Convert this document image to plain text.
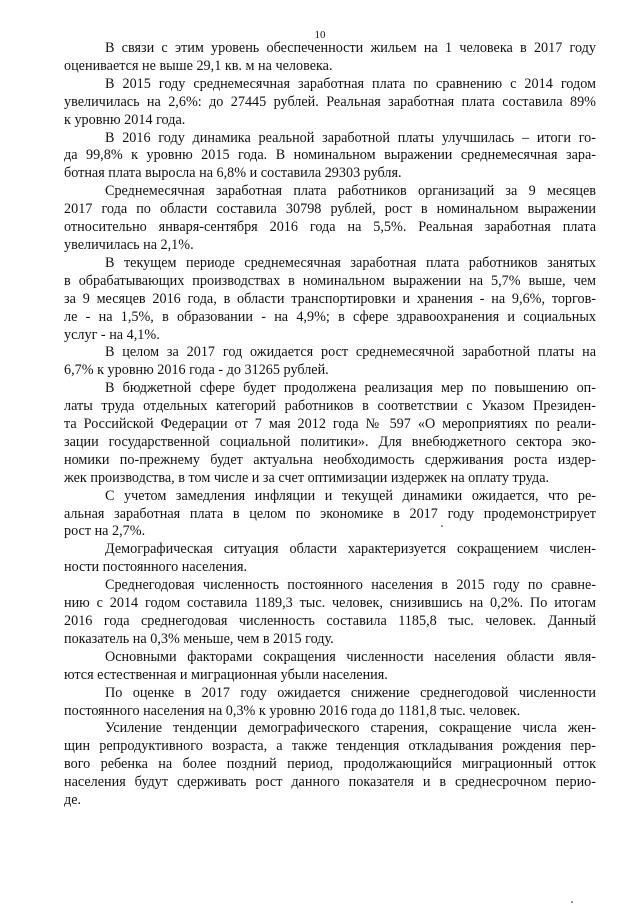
10

В связи с этим уровень обеспеченности жильем на 1 человека в 2017 году
оценивается не выше 29,1 кв. м на человека.

В 2015 году среднемесячная заработная плата по сравнению с 2014 годом
увеличилась на 2,6%: до 27445 рублей. Реальная заработная плата составила 89%
к уровню 2014 года.

В 2016 году динамика реальной заработной платы улучшилась – итоги го-
да 99,8% к уровню 2015 года. В номинальном выражении среднемесячная зара-
ботная плата выросла на 6,8% и составила 29303 рубля.

Среднемесячная заработная плата работников организаций за 9 месяцев
2017 года по области составила 30798 рублей, рост в номинальном выражении
относительно января-сентября 2016 года на 5,5%. Реальная заработная плата
увеличилась на 2,1%.

В текущем периоде среднемесячная заработная плата работников занятых
в обрабатывающих производствах в номинальном выражении на 5,7% выше, чем
за 9 месяцев 2016 года, в области транспортировки и хранения - на 9,6%, торгов-
ле - на 1,5%, в образовании - на 4,9%; в сфере здравоохранения и социальных
услуг - на 4,1%.

В целом за 2017 год ожидается рост среднемесячной заработной платы на
6,7% к уровню 2016 года - до 31265 рублей.

В бюджетной сфере будет продолжена реализация мер по повышению оп-
латы труда отдельных категорий работников в соответствии с Указом Президен-
та Российской Федерации от 7 мая 2012 года № 597 «О мероприятиях по реали-
зации государственной социальной политики». Для внебюджетного сектора эко-
номики по-прежнему будет актуальна необходимость сдерживания роста издер-
жек производства, в том числе и за счет оптимизации издержек на оплату труда.

С учетом замедления инфляции и текущей динамики ожидается, что ре-
альная заработная плата в целом по экономике в 2017 году продемонстрирует
рост на 2,7%.

Демографическая ситуация области характеризуется сокращением числен-
ности постоянного населения.

Среднегодовая численность постоянного населения в 2015 году по сравне-
нию с 2014 годом составила 1189,3 тыс. человек, снизившись на 0,2%. По итогам
2016 года среднегодовая численность составила 1185,8 тыс. человек. Данный
показатель на 0,3% меньше, чем в 2015 году.

Основными факторами сокращения численности населения области явля-
ются естественная и миграционная убыли населения.

По оценке в 2017 году ожидается снижение среднегодовой численности
постоянного населения на 0,3% к уровню 2016 года до 1181,8 тыс. человек.

Усиление тенденции демографического старения, сокращение числа жен-
щин репродуктивного возраста, а также тенденция откладывания рождения пер-
вого ребенка на более поздний период, продолжающийся миграционный отток
населения будут сдерживать рост данного показателя и в среднесрочном перио-
де.
